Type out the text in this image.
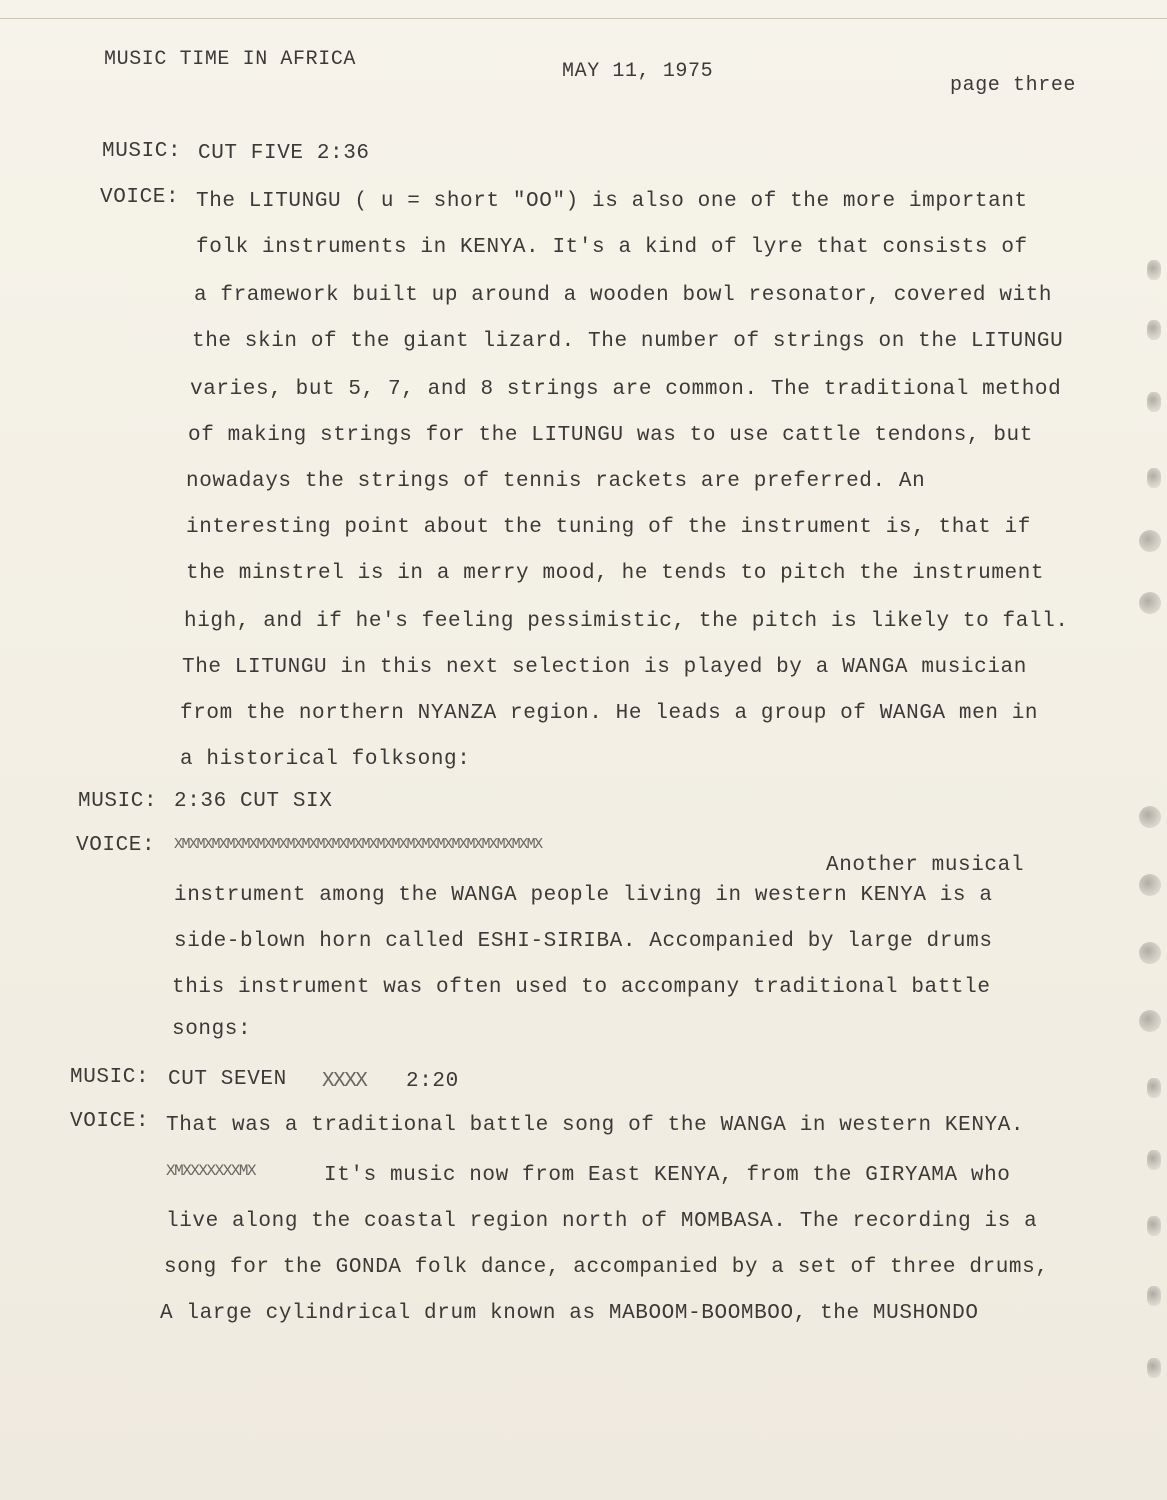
MUSIC TIME IN AFRICA
MAY 11, 1975
page three
MUSIC: CUT FIVE 2:36
VOICE: The LITUNGU ( u = short "OO") is also one of the more important
folk instruments in KENYA. It's a kind of lyre that consists of
a framework built up around a wooden bowl resonator, covered with
the skin of the giant lizard. The number of strings on the LITUNGU
varies, but 5, 7, and 8 strings are common. The traditional method
of making strings for the LITUNGU was to use cattle tendons, but
nowadays the strings of tennis rackets are preferred. An
interesting point about the tuning of the instrument is, that if
the minstrel is in a merry mood, he tends to pitch the instrument
high, and if he's feeling pessimistic, the pitch is likely to fall.
The LITUNGU in this next selection is played by a WANGA musician
from the northern NYANZA region. He leads a group of WANGA men in
a historical folksong:
MUSIC: 2:36 CUT SIX
VOICE: XMXMXMXMXMXMXMXMXMXMXMXMXMXMXMXMXMXMXMXMXMXMXMXMX
Another musical
instrument among the WANGA people living in western KENYA is a
side-blown horn called ESHI-SIRIBA. Accompanied by large drums
this instrument was often used to accompany traditional battle
songs:
MUSIC: CUT SEVEN XXXX 2:20
VOICE: That was a traditional battle song of the WANGA in western KENYA.
XMXXXXXXXMX	It's music now from East KENYA, from the GIRYAMA who
live along the coastal region north of MOMBASA. The recording is a
song for the GONDA folk dance, accompanied by a set of three drums,
A large cylindrical drum known as MABOOM-BOOMBOO, the MUSHONDO
